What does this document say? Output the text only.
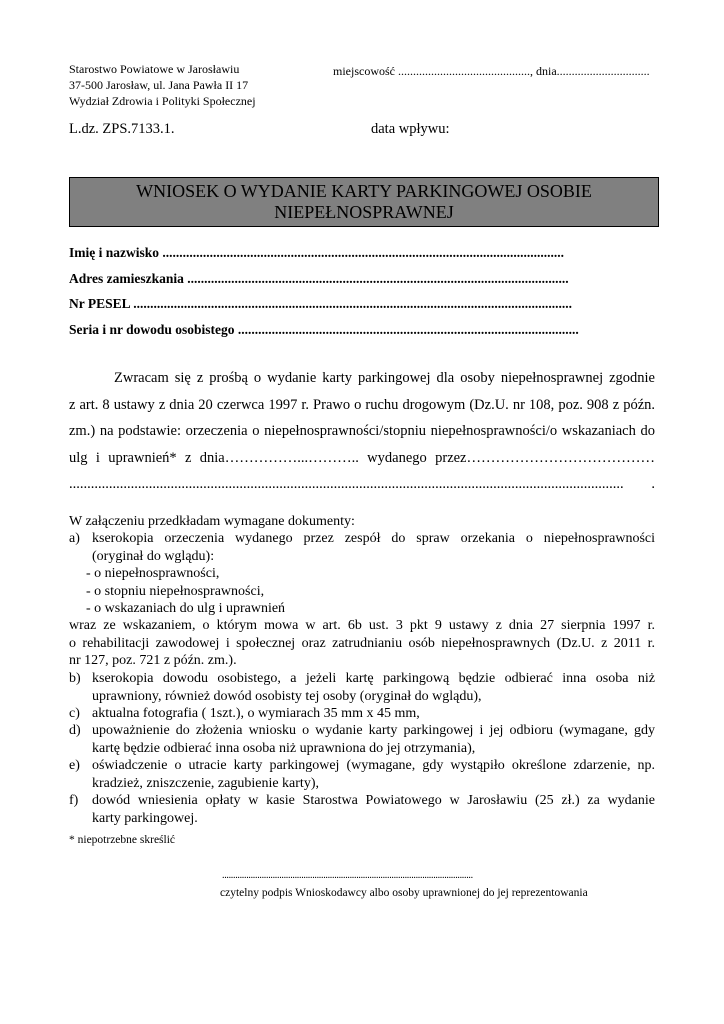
Starostwo Powiatowe w Jarosławiu
37-500 Jarosław, ul. Jana Pawła II 17
Wydział Zdrowia i Polityki Społecznej
miejscowość ............................................, dnia...............................
L.dz. ZPS.7133.1.	data wpływu:
WNIOSEK O WYDANIE KARTY PARKINGOWEJ OSOBIE
NIEPEŁNOSPRAWNEJ
Imię i nazwisko .......................................................................................................................
Adres zamieszkania .................................................................................................................
Nr PESEL ..................................................................................................................................
Seria i nr dowodu osobistego .....................................................................................................
Zwracam się z prośbą o wydanie karty parkingowej dla osoby niepełnosprawnej zgodnie
z art. 8 ustawy z dnia 20 czerwca 1997 r. Prawo o ruchu drogowym (Dz.U. nr 108, poz. 908 z późn.
zm.) na podstawie: orzeczenia o niepełnosprawności/stopniu niepełnosprawności/o wskazaniach do
ulg i uprawnień* z dnia……………...……….. wydanego przez…………………………………
......................................................................................................................................................... .
W załączeniu przedkładam wymagane dokumenty:
a) kserokopia orzeczenia wydanego przez zespół do spraw orzekania o niepełnosprawności
(oryginał do wglądu):
- o niepełnosprawności,
- o stopniu niepełnosprawności,
- o wskazaniach do ulg i uprawnień
wraz ze wskazaniem, o którym mowa w art. 6b ust. 3 pkt 9 ustawy z dnia 27 sierpnia 1997 r.
o rehabilitacji zawodowej i społecznej oraz zatrudnianiu osób niepełnosprawnych (Dz.U. z 2011 r.
nr 127, poz. 721 z późn. zm.).
b) kserokopia dowodu osobistego, a jeżeli kartę parkingową będzie odbierać inna osoba niż
uprawniony, również dowód osobisty tej osoby (oryginał do wglądu),
c) aktualna fotografia ( 1szt.), o wymiarach 35 mm x 45 mm,
d) upoważnienie do złożenia wniosku o wydanie karty parkingowej i jej odbioru (wymagane, gdy
kartę będzie odbierać inna osoba niż uprawniona do jej otrzymania),
e) oświadczenie o utracie karty parkingowej (wymagane, gdy wystąpiło określone zdarzenie, np.
kradzież, zniszczenie, zagubienie karty),
f) dowód wniesienia opłaty w kasie Starostwa Powiatowego w Jarosławiu (25 zł.) za wydanie
karty parkingowej.
* niepotrzebne skreślić
..................................................................................................................
czytelny podpis Wnioskodawcy albo osoby uprawnionej do jej reprezentowania
